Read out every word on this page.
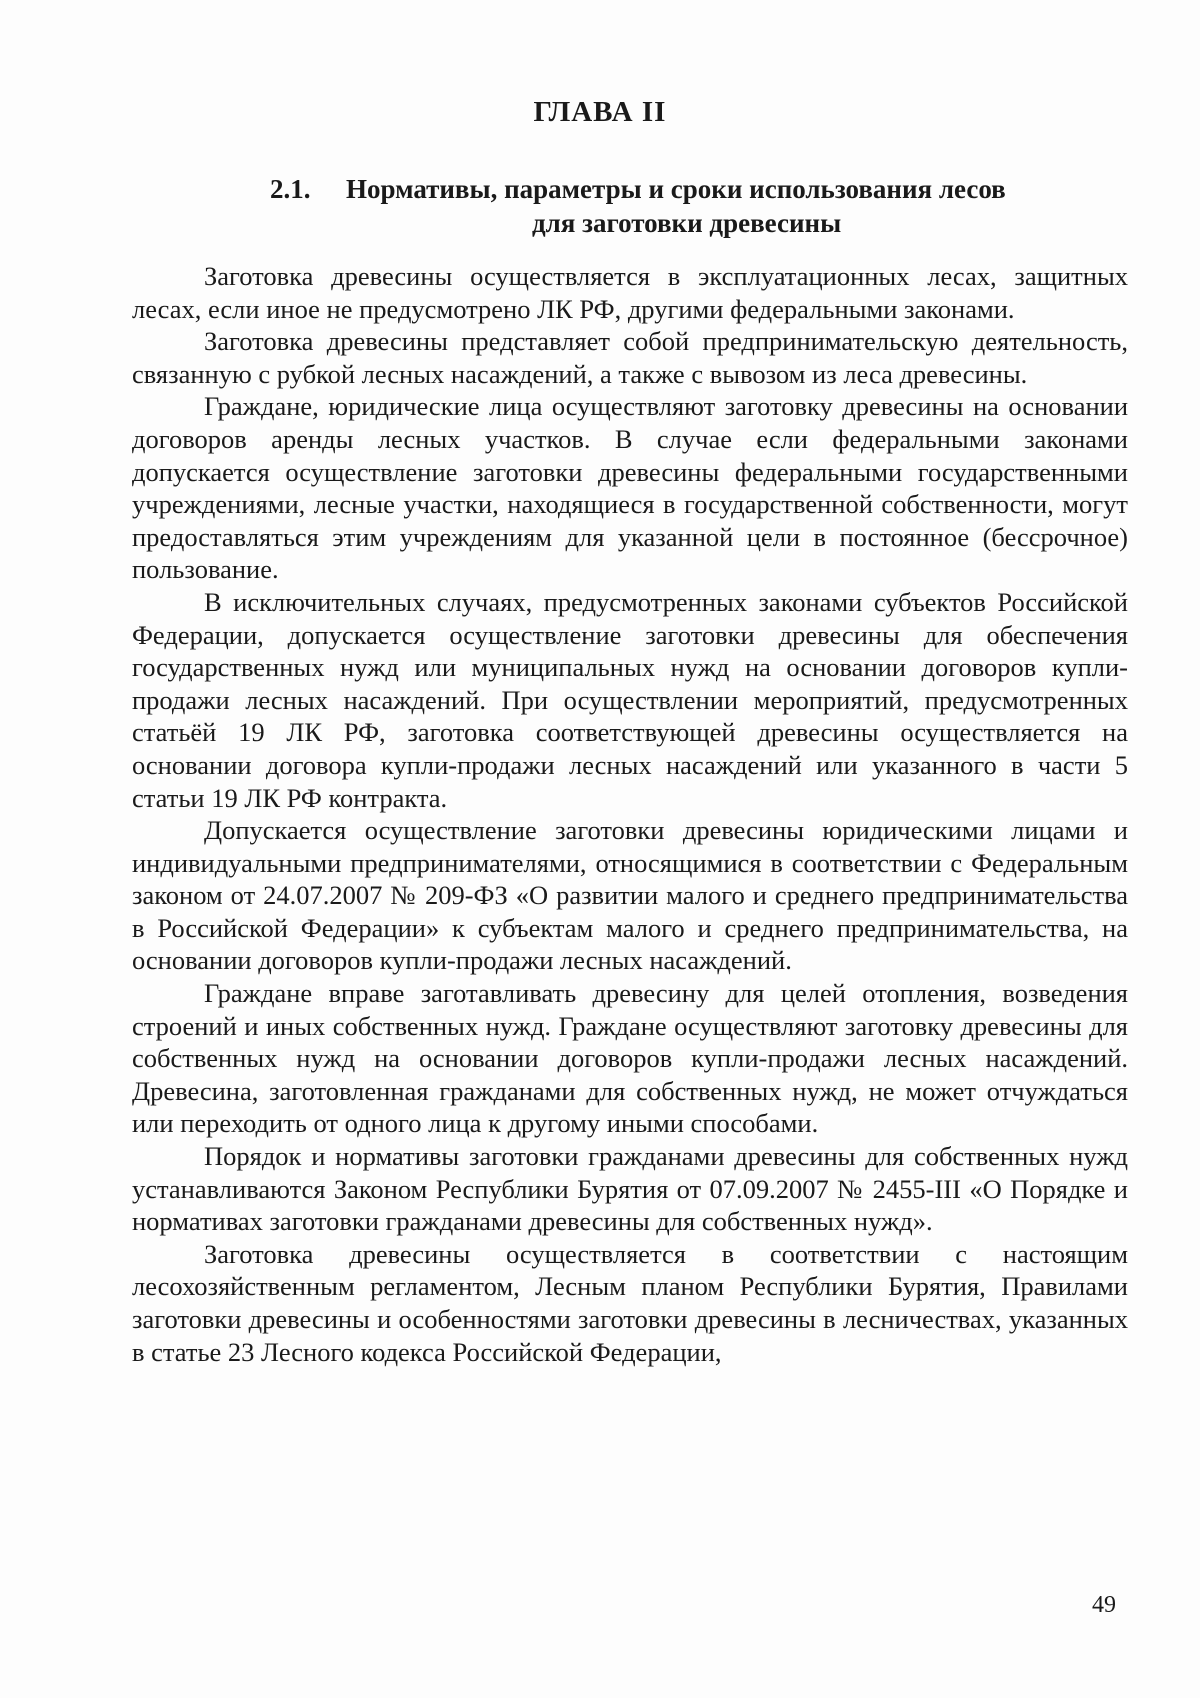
ГЛАВА II
2.1. Нормативы, параметры и сроки использования лесов
для заготовки древесины

Заготовка древесины осуществляется в эксплуатационных лесах, защитных лесах, если иное не предусмотрено ЛК РФ, другими федеральными законами.

Заготовка древесины представляет собой предпринимательскую деятельность, связанную с рубкой лесных насаждений, а также с вывозом из леса древесины.

Граждане, юридические лица осуществляют заготовку древесины на основании договоров аренды лесных участков. В случае если федеральными законами допускается осуществление заготовки древесины федеральными государственными учреждениями, лесные участки, находящиеся в государственной собственности, могут предоставляться этим учреждениям для указанной цели в постоянное (бессрочное) пользование.

В исключительных случаях, предусмотренных законами субъектов Российской Федерации, допускается осуществление заготовки древесины для обеспечения государственных нужд или муниципальных нужд на основании договоров купли-продажи лесных насаждений. При осуществлении мероприятий, предусмотренных статьёй 19 ЛК РФ, заготовка соответствующей древесины осуществляется на основании договора купли-продажи лесных насаждений или указанного в части 5 статьи 19 ЛК РФ контракта.

Допускается осуществление заготовки древесины юридическими лицами и индивидуальными предпринимателями, относящимися в соответствии с Федеральным законом от 24.07.2007 № 209-ФЗ «О развитии малого и среднего предпринимательства в Российской Федерации» к субъектам малого и среднего предпринимательства, на основании договоров купли-продажи лесных насаждений.

Граждане вправе заготавливать древесину для целей отопления, возведения строений и иных собственных нужд. Граждане осуществляют заготовку древесины для собственных нужд на основании договоров купли-продажи лесных насаждений. Древесина, заготовленная гражданами для собственных нужд, не может отчуждаться или переходить от одного лица к другому иными способами.

Порядок и нормативы заготовки гражданами древесины для собственных нужд устанавливаются Законом Республики Бурятия от 07.09.2007 № 2455-III «О Порядке и нормативах заготовки гражданами древесины для собственных нужд».

Заготовка древесины осуществляется в соответствии с настоящим лесохозяйственным регламентом, Лесным планом Республики Бурятия, Правилами заготовки древесины и особенностями заготовки древесины в лесничествах, указанных в статье 23 Лесного кодекса Российской Федерации,

49
